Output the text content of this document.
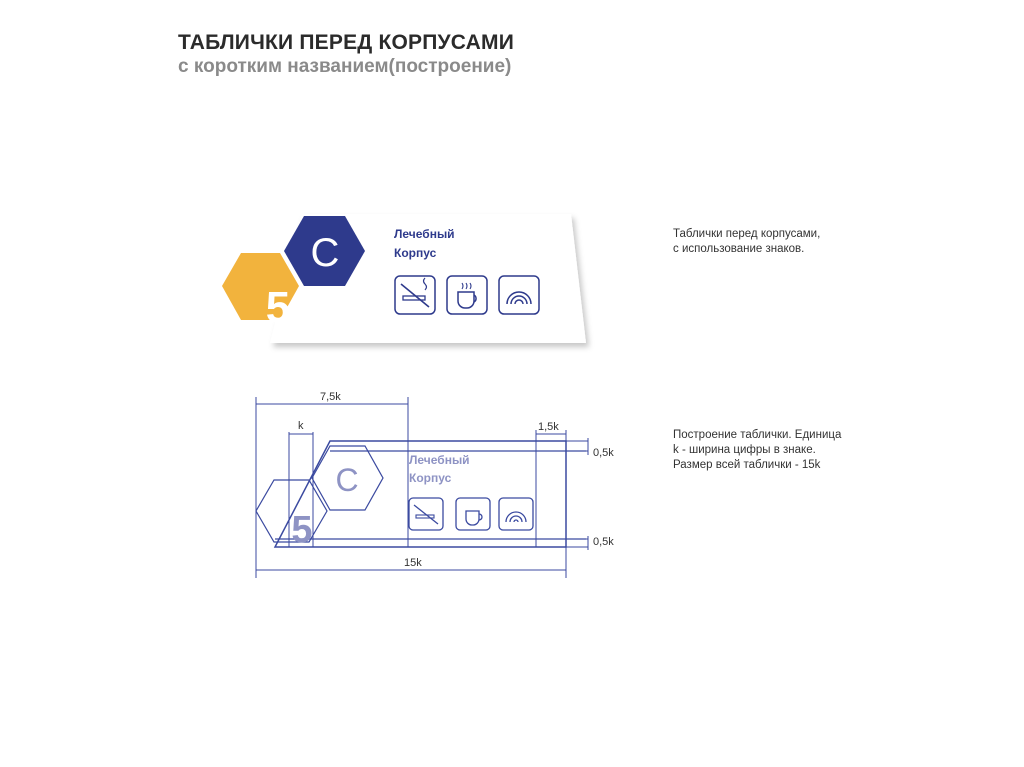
ТАБЛИЧКИ ПЕРЕД КОРПУСАМИ
с коротким названием(построение)
5
C	Лечебный
Корпус
7,5k
k	1,5k
0,5k
0,5k
15k
5
C
Лечебный
Корпус
Таблички перед корпусами,
с использование знаков.
Построение таблички. Единица
k - ширина цифры в знаке.
Размер всей таблички - 15k
